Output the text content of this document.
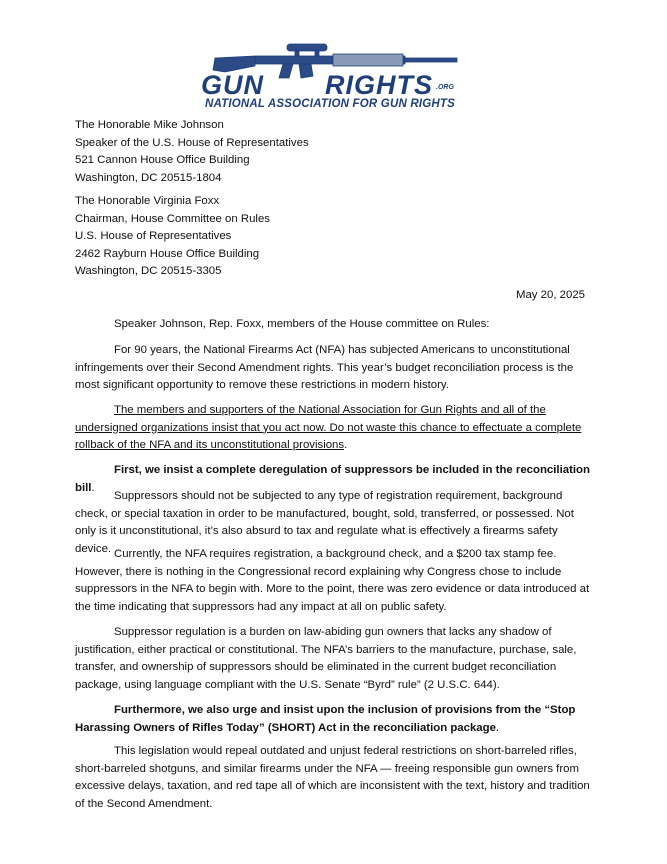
GUN RIGHTS .ORG
NATIONAL ASSOCIATION FOR GUN RIGHTS
The Honorable Mike Johnson
Speaker of the U.S. House of Representatives
521 Cannon House Office Building
Washington, DC 20515-1804
The Honorable Virginia Foxx
Chairman, House Committee on Rules
U.S. House of Representatives
2462 Rayburn House Office Building
Washington, DC 20515-3305
May 20, 2025

Speaker Johnson, Rep. Foxx, members of the House committee on Rules:

For 90 years, the National Firearms Act (NFA) has subjected Americans to unconstitutional infringements over their Second Amendment rights. This year’s budget reconciliation process is the most significant opportunity to remove these restrictions in modern history.

The members and supporters of the National Association for Gun Rights and all of the undersigned organizations insist that you act now. Do not waste this chance to effectuate a complete rollback of the NFA and its unconstitutional provisions.

First, we insist a complete deregulation of suppressors be included in the reconciliation bill.

Suppressors should not be subjected to any type of registration requirement, background check, or special taxation in order to be manufactured, bought, sold, transferred, or possessed. Not only is it unconstitutional, it’s also absurd to tax and regulate what is effectively a firearms safety device. Currently, the NFA requires registration, a background check, and a $200 tax stamp fee. However, there is nothing in the Congressional record explaining why Congress chose to include suppressors in the NFA to begin with. More to the point, there was zero evidence or data introduced at the time indicating that suppressors had any impact at all on public safety.

Suppressor regulation is a burden on law-abiding gun owners that lacks any shadow of justification, either practical or constitutional. The NFA’s barriers to the manufacture, purchase, sale, transfer, and ownership of suppressors should be eliminated in the current budget reconciliation package, using language compliant with the U.S. Senate “Byrd” rule” (2 U.S.C. 644).

Furthermore, we also urge and insist upon the inclusion of provisions from the “Stop Harassing Owners of Rifles Today” (SHORT) Act in the reconciliation package.

This legislation would repeal outdated and unjust federal restrictions on short-barreled rifles, short-barreled shotguns, and similar firearms under the NFA — freeing responsible gun owners from excessive delays, taxation, and red tape all of which are inconsistent with the text, history and tradition of the Second Amendment.
